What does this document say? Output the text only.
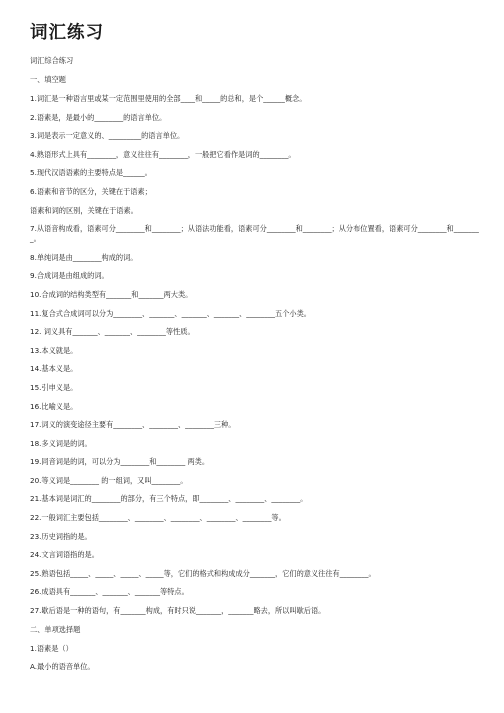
词汇练习
词汇综合练习
一、填空题
1.词汇是一种语言里或某一定范围里使用的全部____和_____的总和，是个______概念。
2.语素是，是最小的________的语言单位。
3.词是表示一定意义的、_________的语言单位。
4.熟语形式上具有________，意义往往有________，一般把它看作是词的________。
5.现代汉语语素的主要特点是______。
6.语素和音节的区分，关键在于语素；
语素和词的区别，关键在于语素。
7.从语音构成看，语素可分________和________；从语法功能看，语素可分________和________；从分布位置看，语素可分________和________。
8.单纯词是由________构成的词。
9.合成词是由组成的词。
10.合成词的结构类型有_______和_______两大类。
11.复合式合成词可以分为________、_______、_______、_______、________五个小类。
12. 词义具有_______、_______、________等性质。
13.本义就是。
14.基本义是。
15.引申义是。
16.比喻义是。
17.词义的演变途径主要有________、________、________三种。
18.多义词是的词。
19.同音词是的词，可以分为________和________ 两类。
20.等义词是________ 的一组词，又叫________。
21.基本词是词汇的________的部分，有三个特点，即________、________、________。
22.一般词汇主要包括________、________、________、________、________等。
23.历史词指的是。
24.文言词语指的是。
25.熟语包括_____、_____、_____、_____等，它们的格式和构成成分_______，它们的意义往往有________。
26.成语具有_______、_______、_______等特点。
27.歇后语是一种的语句，有_______构成，有时只说_______，_______略去，所以叫歇后语。
二、单项选择题
1.语素是（）
A.最小的语音单位。
